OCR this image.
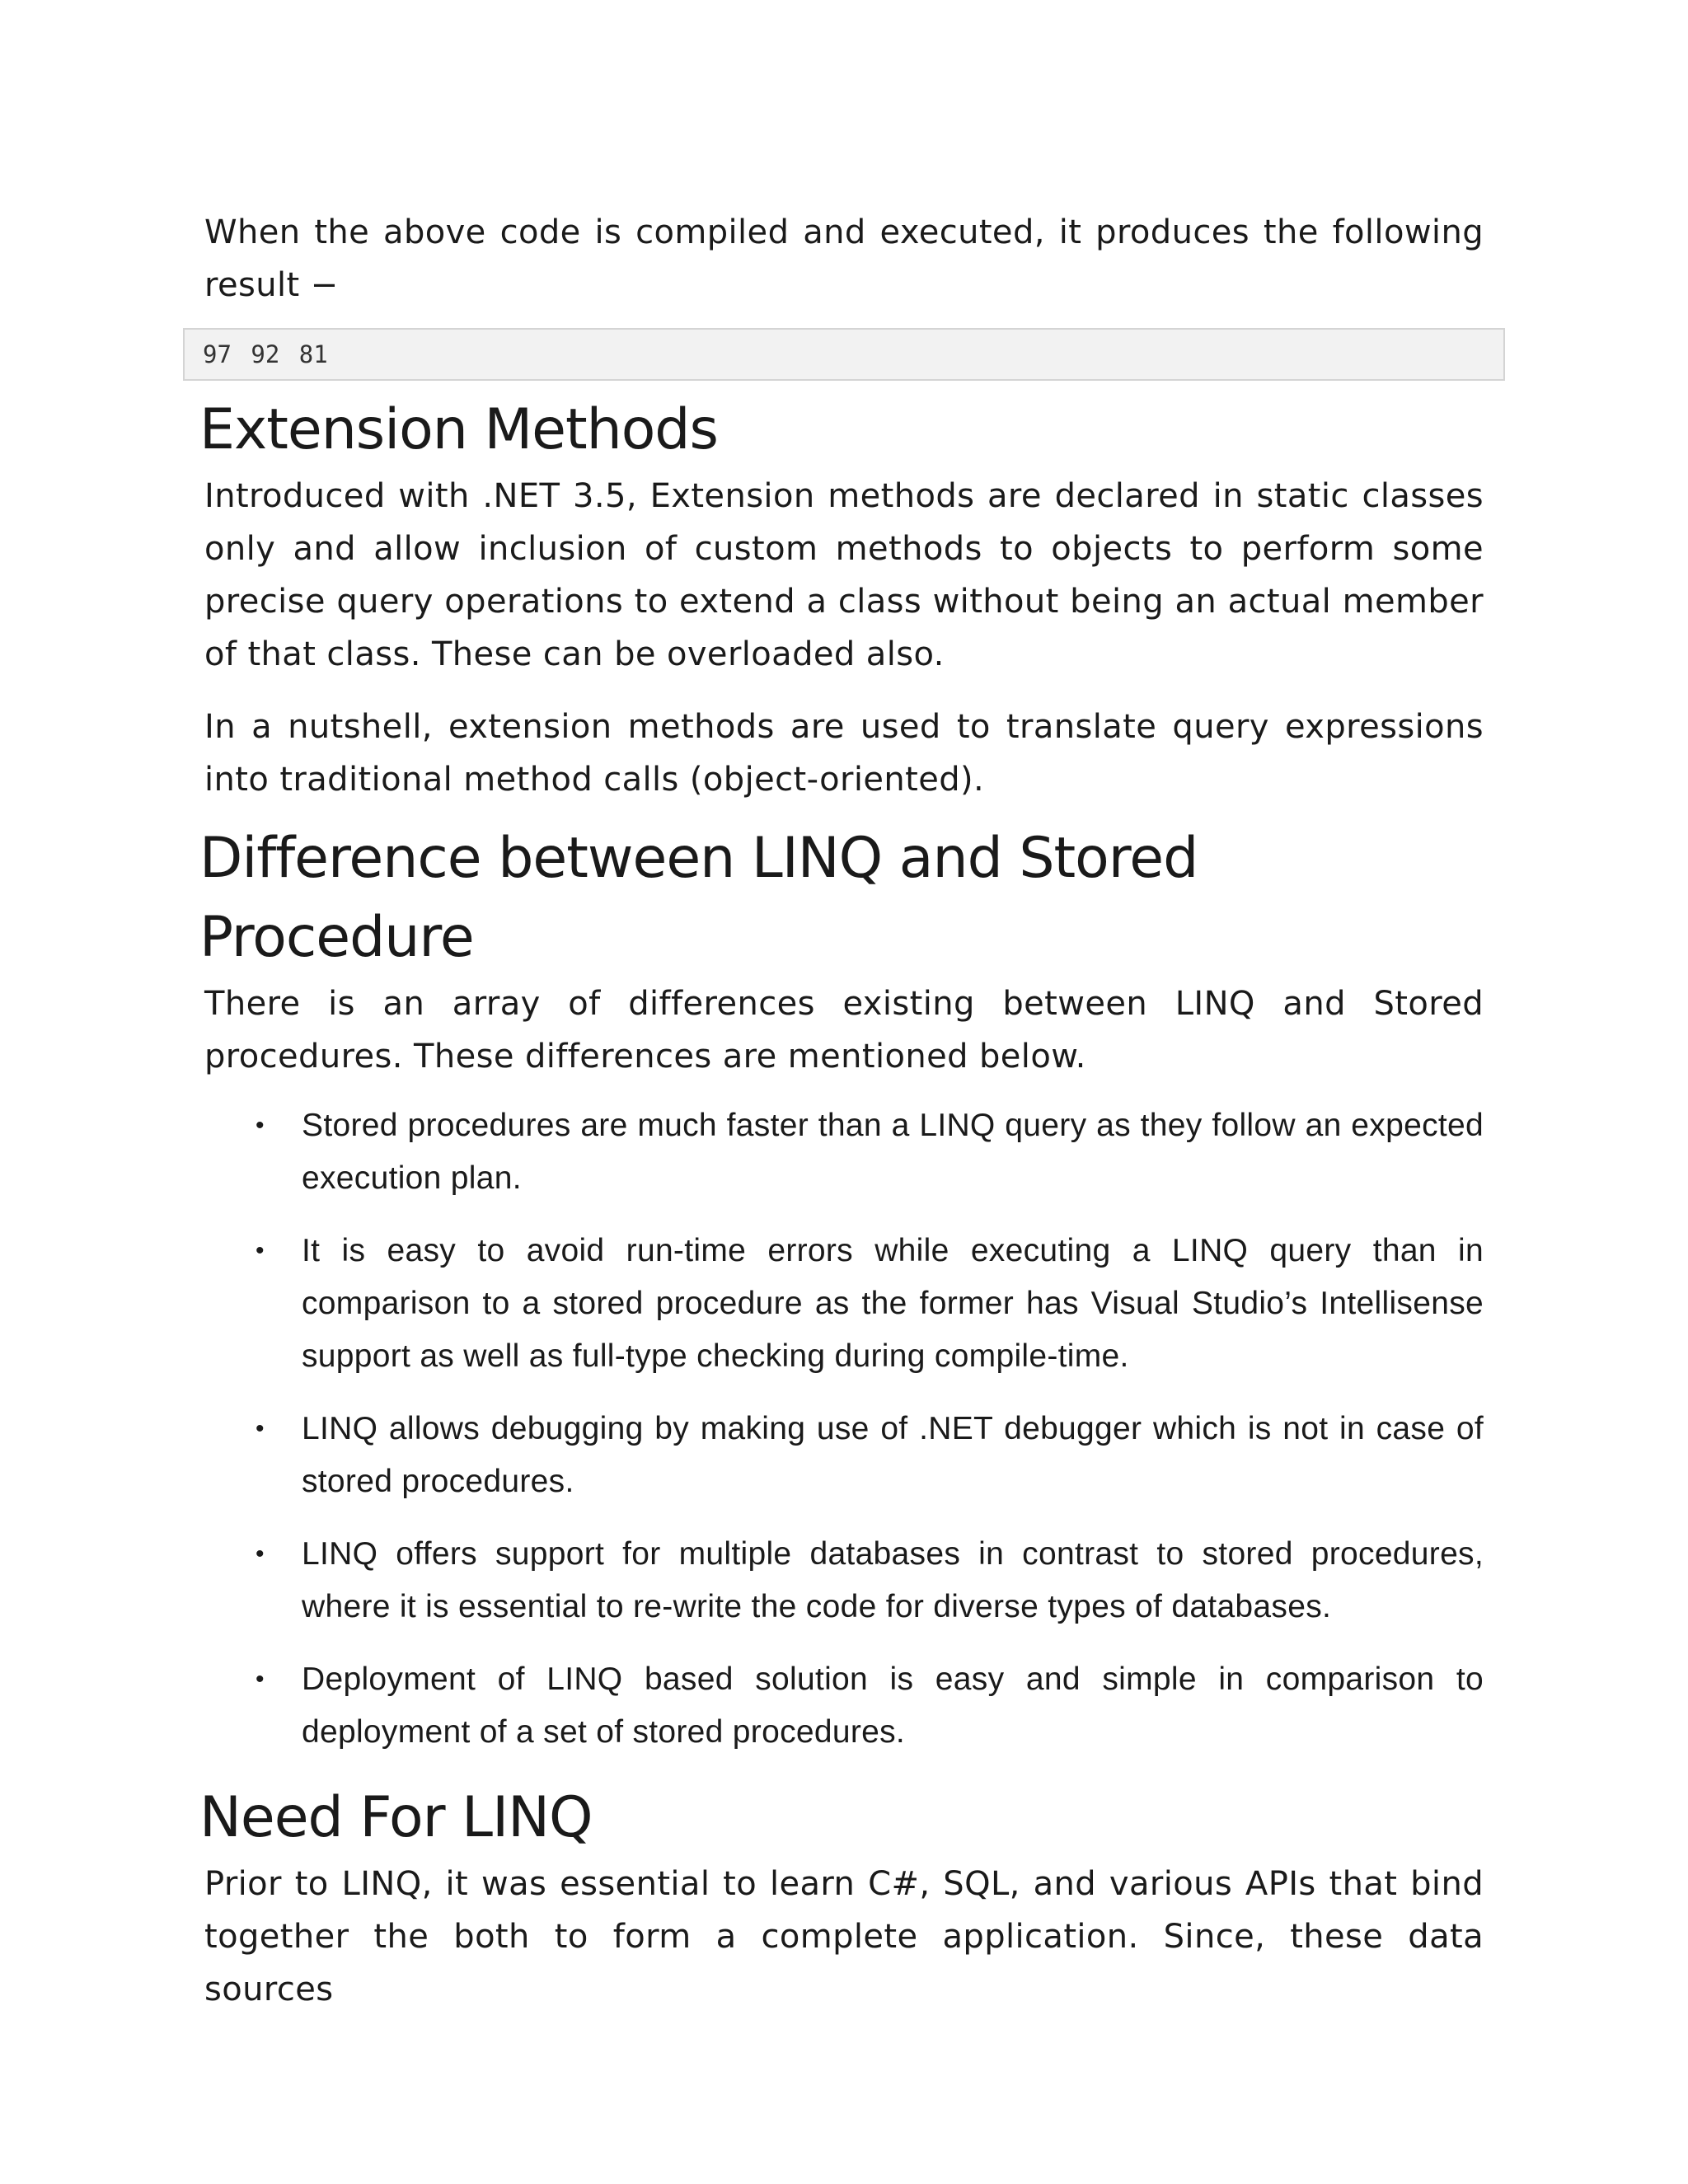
When the above code is compiled and executed, it produces the following result −

97 92 81
Extension Methods

Introduced with .NET 3.5, Extension methods are declared in static classes only and allow inclusion of custom methods to objects to perform some precise query operations to extend a class without being an actual member of that class. These can be overloaded also.

In a nutshell, extension methods are used to translate query expressions into traditional method calls (object-oriented).

Difference between LINQ and Stored Procedure

There is an array of differences existing between LINQ and Stored procedures. These differences are mentioned below.

• Stored procedures are much faster than a LINQ query as they follow an expected execution plan.
• It is easy to avoid run-time errors while executing a LINQ query than in comparison to a stored procedure as the former has Visual Studio’s Intellisense support as well as full-type checking during compile-time.
• LINQ allows debugging by making use of .NET debugger which is not in case of stored procedures.
• LINQ offers support for multiple databases in contrast to stored procedures, where it is essential to re-write the code for diverse types of databases.
• Deployment of LINQ based solution is easy and simple in comparison to deployment of a set of stored procedures.
Need For LINQ

Prior to LINQ, it was essential to learn C#, SQL, and various APIs that bind together the both to form a complete application. Since, these data sources
